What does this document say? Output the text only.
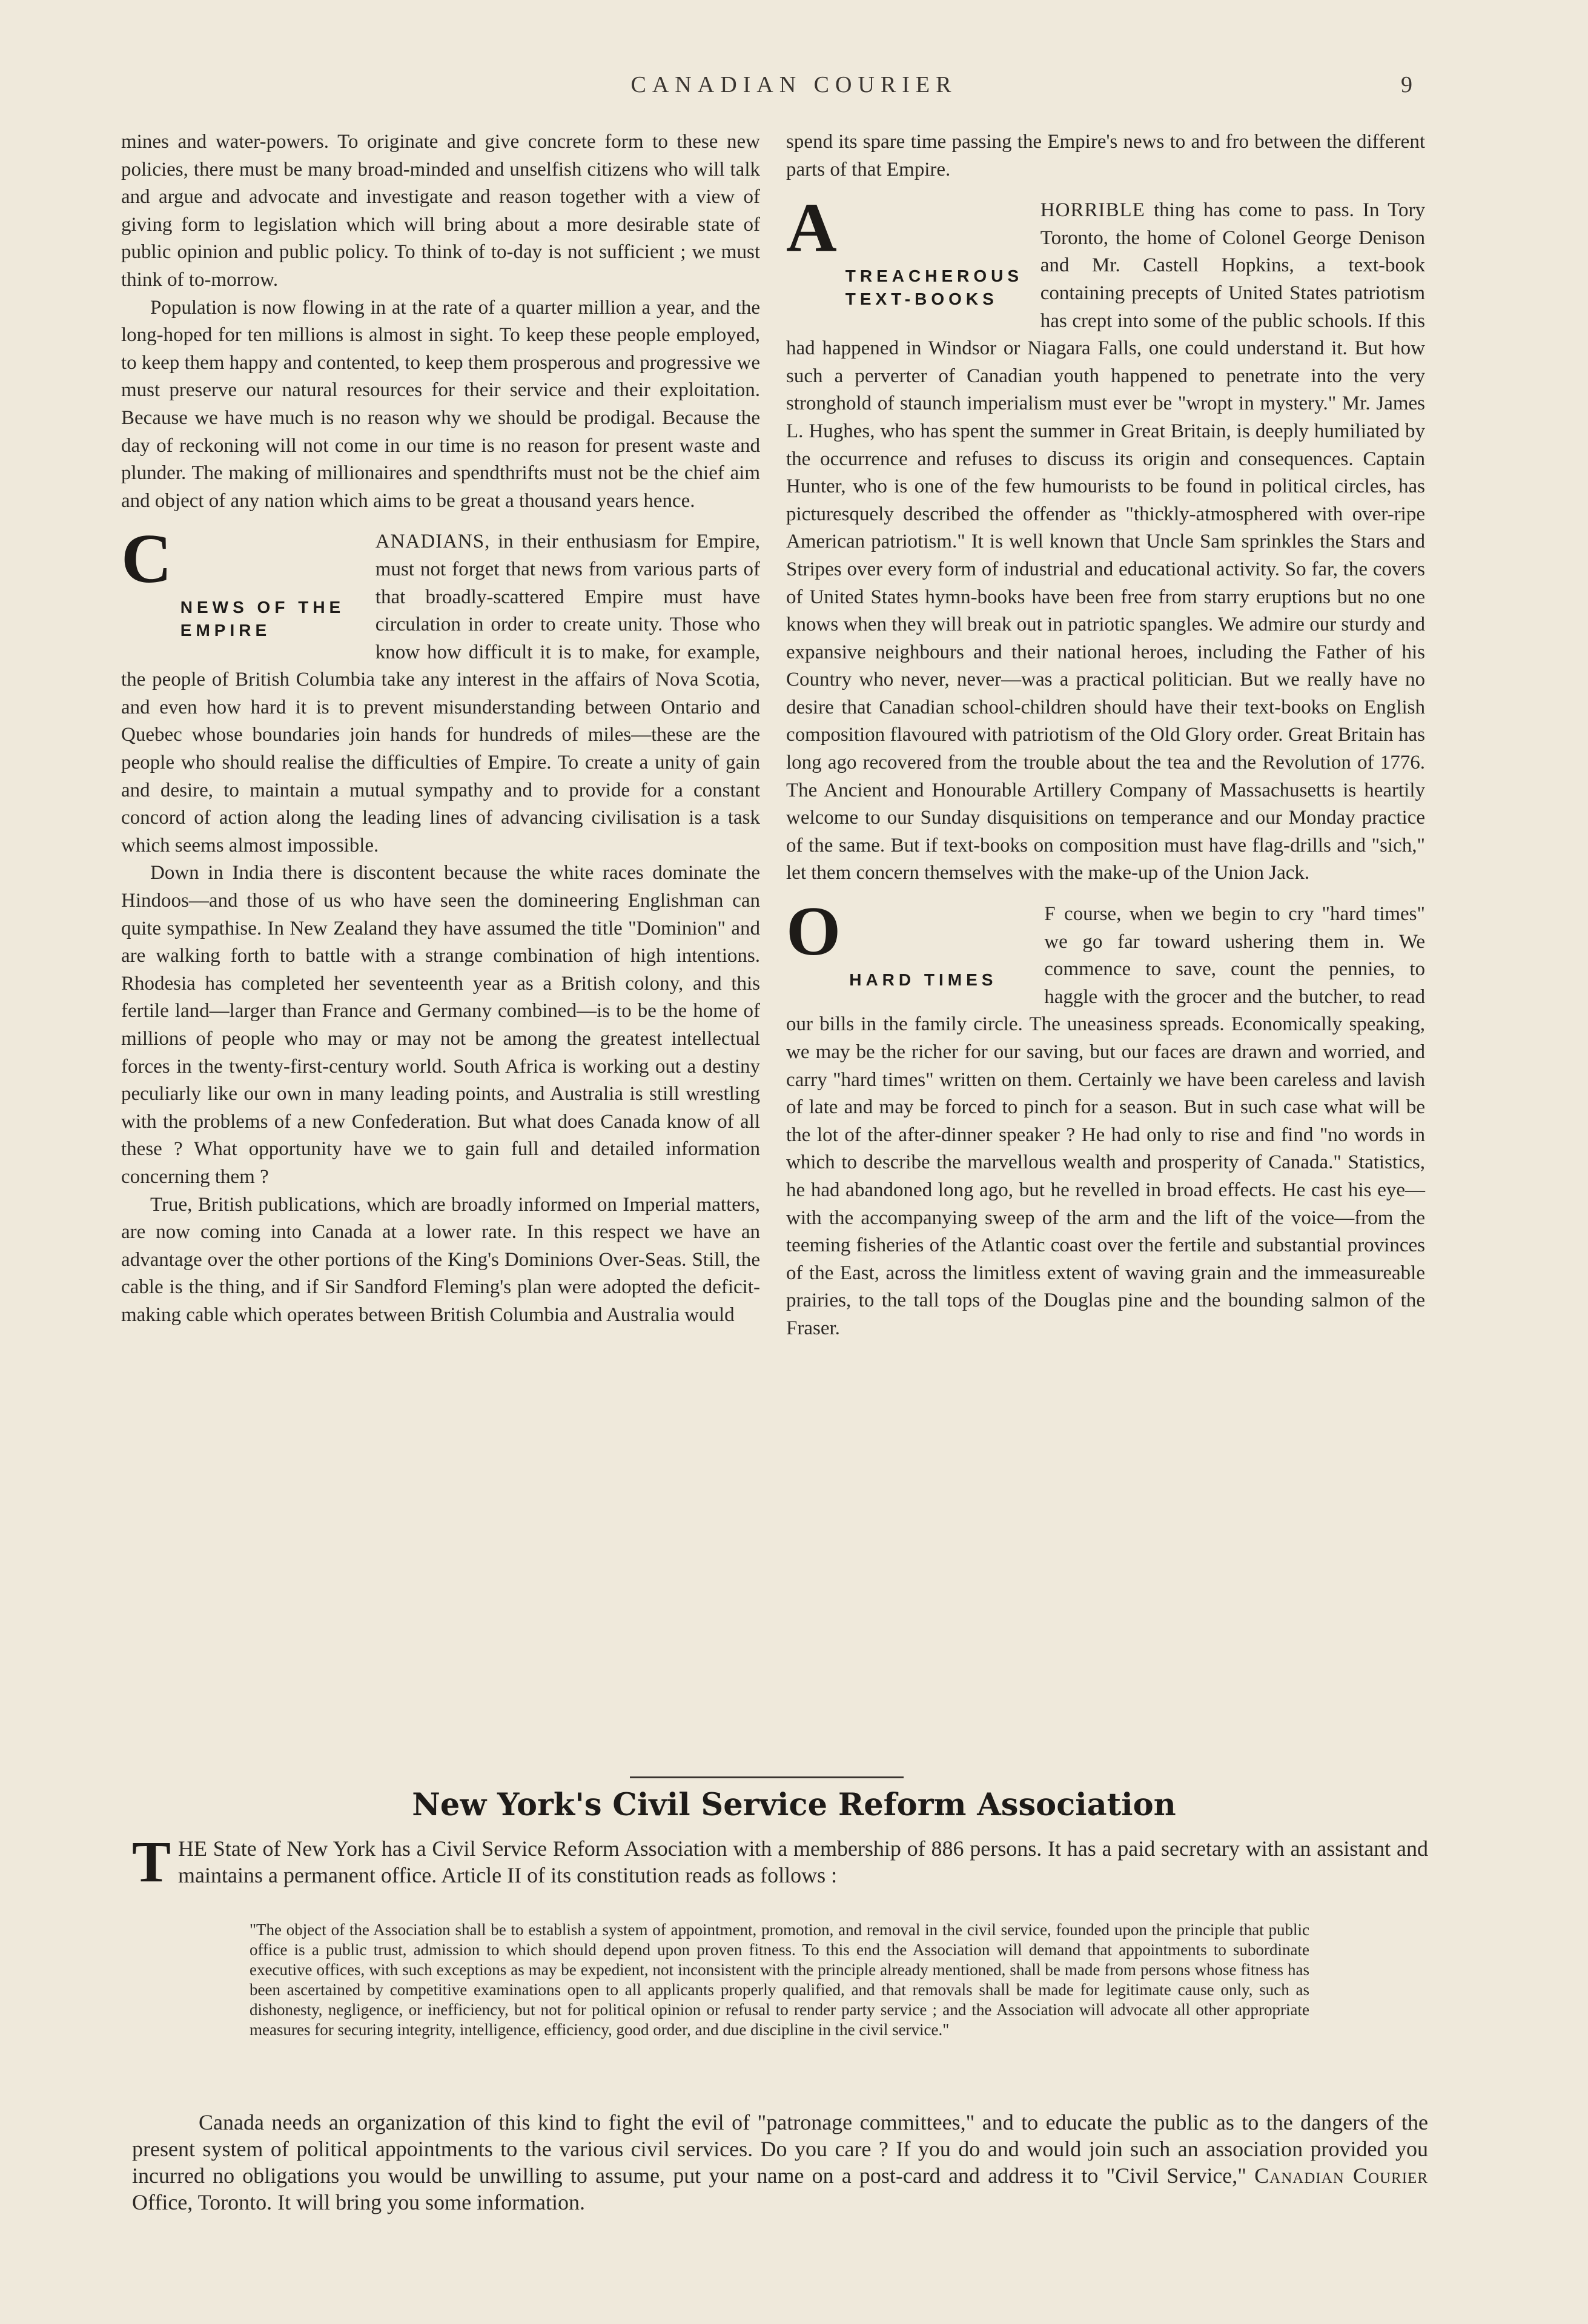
CANADIAN COURIER	9

mines and water-powers. To originate and give concrete form to these new policies, there must be many broad-minded and unselfish citizens who will talk and argue and advocate and investigate and reason together with a view of giving form to legislation which will bring about a more desirable state of public opinion and public policy. To think of to-day is not sufficient ; we must think of to-morrow.

Population is now flowing in at the rate of a quarter million a year, and the long-hoped for ten millions is almost in sight. To keep these people employed, to keep them happy and contented, to keep them prosperous and progressive we must preserve our natural resources for their service and their exploitation. Because we have much is no reason why we should be prodigal. Because the day of reckoning will not come in our time is no reason for present waste and plunder. The making of millionaires and spendthrifts must not be the chief aim and object of any nation which aims to be great a thousand years hence.

C	ANADIANS
NEWS OF THE EMPIRE
, in their enthusiasm for Empire, must not forget that news from various parts of that broadly-scattered Empire must have circulation in order to create unity. Those who know how difficult it is to make, for example, the people of British Columbia take any interest in the affairs of Nova Scotia, and even how hard it is to prevent misunderstanding between Ontario and Quebec whose boundaries join hands for hundreds of miles—these are the people who should realise the difficulties of Empire. To create a unity of gain and desire, to maintain a mutual sympathy and to provide for a constant concord of action along the leading lines of advancing civilisation is a task which seems almost impossible.

Down in India there is discontent because the white races dominate the Hindoos—and those of us who have seen the domineering Englishman can quite sympathise. In New Zealand they have assumed the title "Dominion" and are walking forth to battle with a strange combination of high intentions. Rhodesia has completed her seventeenth year as a British colony, and this fertile land—larger than France and Germany combined—is to be the home of millions of people who may or may not be among the greatest intellectual forces in the twenty-first-century world. South Africa is working out a destiny peculiarly like our own in many leading points, and Australia is still wrestling with the problems of a new Confederation. But what does Canada know of all these ? What opportunity have we to gain full and detailed information concerning them ?

True, British publications, which are broadly informed on Imperial matters, are now coming into Canada at a lower rate. In this respect we have an advantage over the other portions of the King's Dominions Over-Seas. Still, the cable is the thing, and if Sir Sandford Fleming's plan were adopted the deficit-making cable which operates between British Columbia and Australia would

spend its spare time passing the Empire's news to and fro between the different parts of that Empire.

A	HORRIBLE
TREACHEROUS TEXT-BOOKS
thing has come to pass. In Tory Toronto, the home of Colonel George Denison and Mr. Castell Hopkins, a text-book containing precepts of United States patriotism has crept into some of the public schools. If this had happened in Windsor or Niagara Falls, one could understand it. But how such a perverter of Canadian youth happened to penetrate into the very stronghold of staunch imperialism must ever be "wropt in mystery." Mr. James L. Hughes, who has spent the summer in Great Britain, is deeply humiliated by the occurrence and refuses to discuss its origin and consequences. Captain Hunter, who is one of the few humourists to be found in political circles, has picturesquely described the offender as "thickly-atmosphered with over-ripe American patriotism." It is well known that Uncle Sam sprinkles the Stars and Stripes over every form of industrial and educational activity. So far, the covers of United States hymn-books have been free from starry eruptions but no one knows when they will break out in patriotic spangles. We admire our sturdy and expansive neighbours and their national heroes, including the Father of his Country who never, never—was a practical politician. But we really have no desire that Canadian school-children should have their text-books on English composition flavoured with patriotism of the Old Glory order. Great Britain has long ago recovered from the trouble about the tea and the Revolution of 1776. The Ancient and Honourable Artillery Company of Massachusetts is heartily welcome to our Sunday disquisitions on temperance and our Monday practice of the same. But if text-books on composition must have flag-drills and "sich," let them concern themselves with the make-up of the Union Jack.

O	F
HARD TIMES
course, when we begin to cry "hard times" we go far toward ushering them in. We commence to save, count the pennies, to haggle with the grocer and the butcher, to read our bills in the family circle. The uneasiness spreads. Economically speaking, we may be the richer for our saving, but our faces are drawn and worried, and carry "hard times" written on them. Certainly we have been careless and lavish of late and may be forced to pinch for a season. But in such case what will be the lot of the after-dinner speaker ? He had only to rise and find "no words in which to describe the marvellous wealth and prosperity of Canada." Statistics, he had abandoned long ago, but he revelled in broad effects. He cast his eye—with the accompanying sweep of the arm and the lift of the voice—from the teeming fisheries of the Atlantic coast over the fertile and substantial provinces of the East, across the limitless extent of waving grain and the immeasureable prairies, to the tall tops of the Douglas pine and the bounding salmon of the Fraser.

New York's Civil Service Reform Association
THE State of New York has a Civil Service Reform Association with a membership of 886 persons. It has a paid secretary with an assistant and maintains a permanent office. Article II of its constitution reads as follows :
"The object of the Association shall be to establish a system of appointment, promotion, and removal in the civil service, founded upon the principle that public office is a public trust, admission to which should depend upon proven fitness. To this end the Association will demand that appointments to subordinate executive offices, with such exceptions as may be expedient, not inconsistent with the principle already mentioned, shall be made from persons whose fitness has been ascertained by competitive examinations open to all applicants properly qualified, and that removals shall be made for legitimate cause only, such as dishonesty, negligence, or inefficiency, but not for political opinion or refusal to render party service ; and the Association will advocate all other appropriate measures for securing integrity, intelligence, efficiency, good order, and due discipline in the civil service."

Canada needs an organization of this kind to fight the evil of "patronage committees," and to educate the public as to the dangers of the present system of political appointments to the various civil services. Do you care ? If you do and would join such an association provided you incurred no obligations you would be unwilling to assume, put your name on a post-card and address it to "Civil Service," Canadian Courier Office, Toronto. It will bring you some information.
